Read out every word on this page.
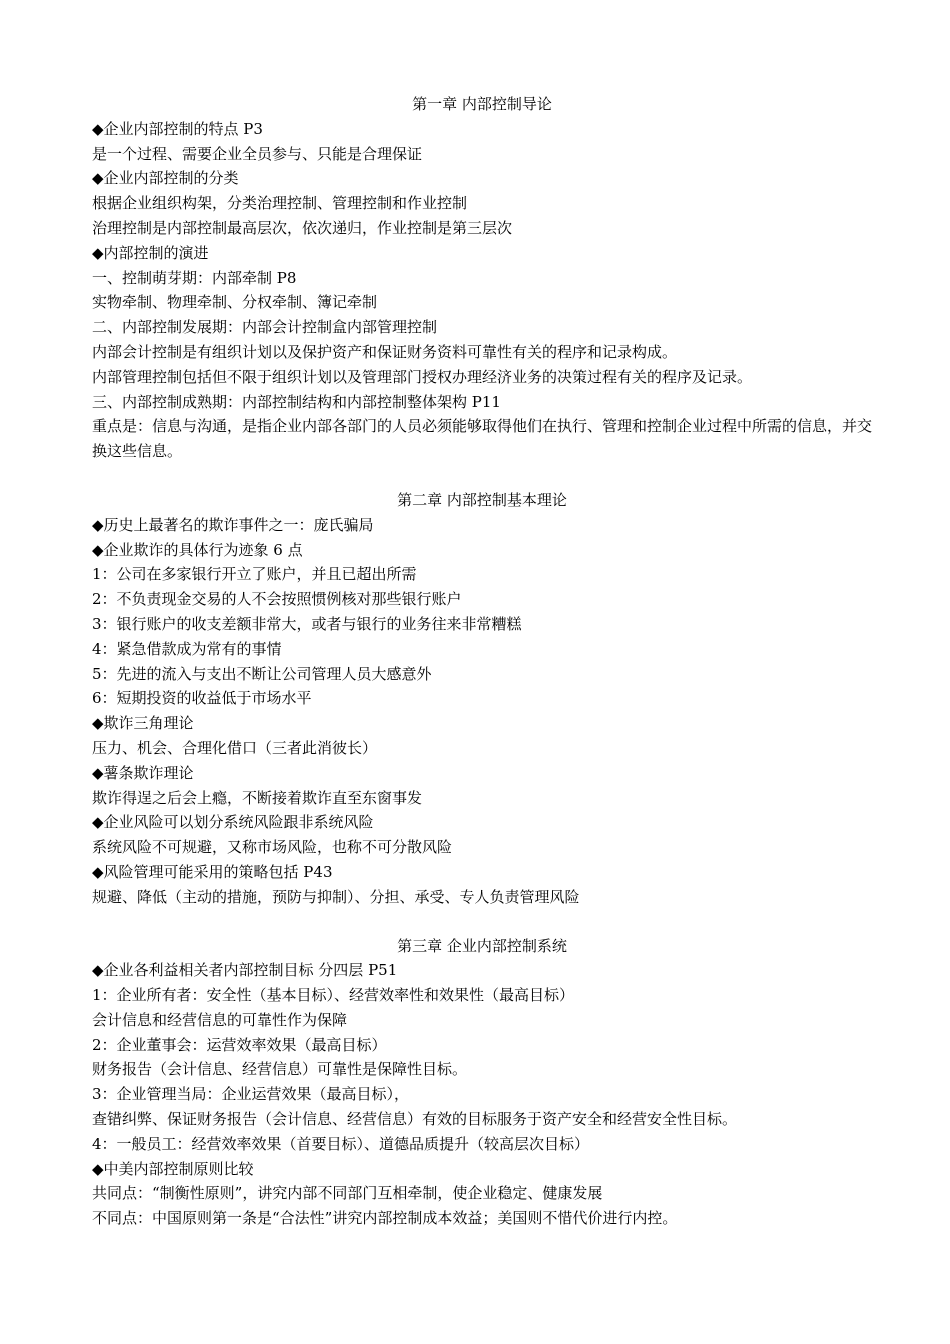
第一章 内部控制导论
◆企业内部控制的特点 P3
是一个过程、需要企业全员参与、只能是合理保证
◆企业内部控制的分类
根据企业组织构架，分类治理控制、管理控制和作业控制
治理控制是内部控制最高层次，依次递归，作业控制是第三层次
◆内部控制的演进
一、控制萌芽期：内部牵制 P8
实物牵制、物理牵制、分权牵制、簿记牵制
二、内部控制发展期：内部会计控制盒内部管理控制
内部会计控制是有组织计划以及保护资产和保证财务资料可靠性有关的程序和记录构成。
内部管理控制包括但不限于组织计划以及管理部门授权办理经济业务的决策过程有关的程序及记录。
三、内部控制成熟期：内部控制结构和内部控制整体架构 P11
重点是：信息与沟通，是指企业内部各部门的人员必须能够取得他们在执行、管理和控制企业过程中所需的信息，并交换这些信息。
第二章 内部控制基本理论
◆历史上最著名的欺诈事件之一：庞氏骗局
◆企业欺诈的具体行为迹象 6 点
1：公司在多家银行开立了账户，并且已超出所需
2：不负责现金交易的人不会按照惯例核对那些银行账户
3：银行账户的收支差额非常大，或者与银行的业务往来非常糟糕
4：紧急借款成为常有的事情
5：先进的流入与支出不断让公司管理人员大感意外
6：短期投资的收益低于市场水平
◆欺诈三角理论
压力、机会、合理化借口（三者此消彼长）
◆薯条欺诈理论
欺诈得逞之后会上瘾，不断接着欺诈直至东窗事发
◆企业风险可以划分系统风险跟非系统风险
系统风险不可规避，又称市场风险，也称不可分散风险
◆风险管理可能采用的策略包括 P43
规避、降低（主动的措施，预防与抑制）、分担、承受、专人负责管理风险
第三章 企业内部控制系统
◆企业各利益相关者内部控制目标 分四层 P51
1：企业所有者：安全性（基本目标）、经营效率性和效果性（最高目标）
会计信息和经营信息的可靠性作为保障
2：企业董事会：运营效率效果（最高目标）
财务报告（会计信息、经营信息）可靠性是保障性目标。
3：企业管理当局：企业运营效果（最高目标），
查错纠弊、保证财务报告（会计信息、经营信息）有效的目标服务于资产安全和经营安全性目标。
4：一般员工：经营效率效果（首要目标）、道德品质提升（较高层次目标）
◆中美内部控制原则比较
共同点：“制衡性原则”，讲究内部不同部门互相牵制，使企业稳定、健康发展
不同点：中国原则第一条是“合法性”讲究内部控制成本效益；美国则不惜代价进行内控。
